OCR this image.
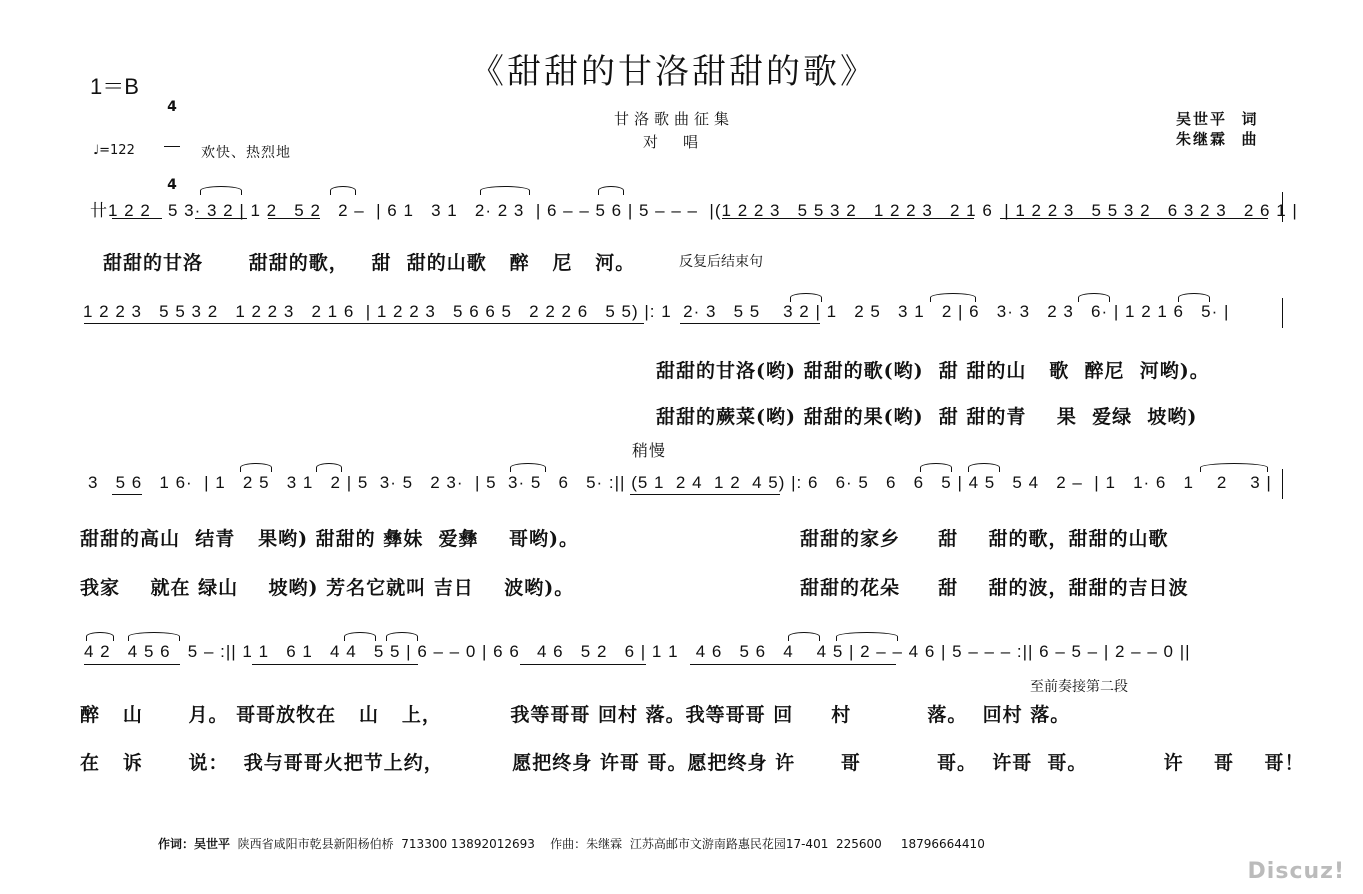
《甜甜的甘洛甜甜的歌》
1＝B

4

4

甘洛歌曲征集
对　唱
吴世平  词
朱继霖  曲
♩=122	欢快、热烈地
卄1 2 2   5 3· 3 2 | 1 2   5 2   2 –  | 6 1   3 1   2· 2 3  | 6 – – 5 6 | 5 – – –  |(1 2 2 3   5 5 3 2   1 2 2 3   2 1 6  | 1 2 2 3   5 5 3 2   6 3 2 3   2 6 1 |
甜甜的甘洛      甜甜的歌，   甜  甜的山歌   醉   尼   河。	反复后结束句
1 2 2 3   5 5 3 2   1 2 2 3   2 1 6  | 1 2 2 3   5 6 6 5   2 2 2 6   5 5) |: 1  2· 3   5 5    3 2 | 1   2 5   3 1   2 | 6   3· 3   2 3   6· | 1 2 1 6   5· |
甜甜的甘洛(哟) 甜甜的歌(哟)  甜 甜的山   歌  醉尼  河哟)。
甜甜的蕨菜(哟) 甜甜的果(哟)  甜 甜的青    果  爱绿  坡哟)
稍慢
3   5 6   1 6·  | 1   2 5   3 1   2 | 5  3· 5   2 3·  | 5  3· 5   6   5· :|| (5 1  2 4  1 2  4 5) |: 6   6· 5   6   6   5 | 4 5   5 4   2 –  | 1   1· 6   1    2    3 |
甜甜的高山  结青   果哟) 甜甜的 彝妹  爱彝    哥哟)。	甜甜的家乡     甜    甜的歌，甜甜的山歌
我家    就在 绿山    坡哟) 芳名它就叫 吉日    波哟)。	甜甜的花朵     甜    甜的波，甜甜的吉日波
4 2   4 5 6   5 – :|| 1 1   6 1   4 4   5 5 | 6 – – 0 | 6 6   4 6   5 2   6 | 1 1   4 6   5 6   4    4 5 | 2 – – 4 6 | 5 – – – :|| 6 – 5 – | 2 – – 0 ||
至前奏接第二段
醉   山      月。 哥哥放牧在   山   上，         我等哥哥 回村 落。我等哥哥 回     村          落。  回村 落。
在   诉      说：  我与哥哥火把节上约，         愿把终身 许哥 哥。愿把终身 许      哥          哥。  许哥  哥。          许    哥    哥！
作词：吴世平 陕西省咸阳市乾县新阳杨伯桥  713300 13892012693 作曲：朱继霖 江苏高邮市文游南路惠民花园17-401  225600     18796664410
Discuz!
